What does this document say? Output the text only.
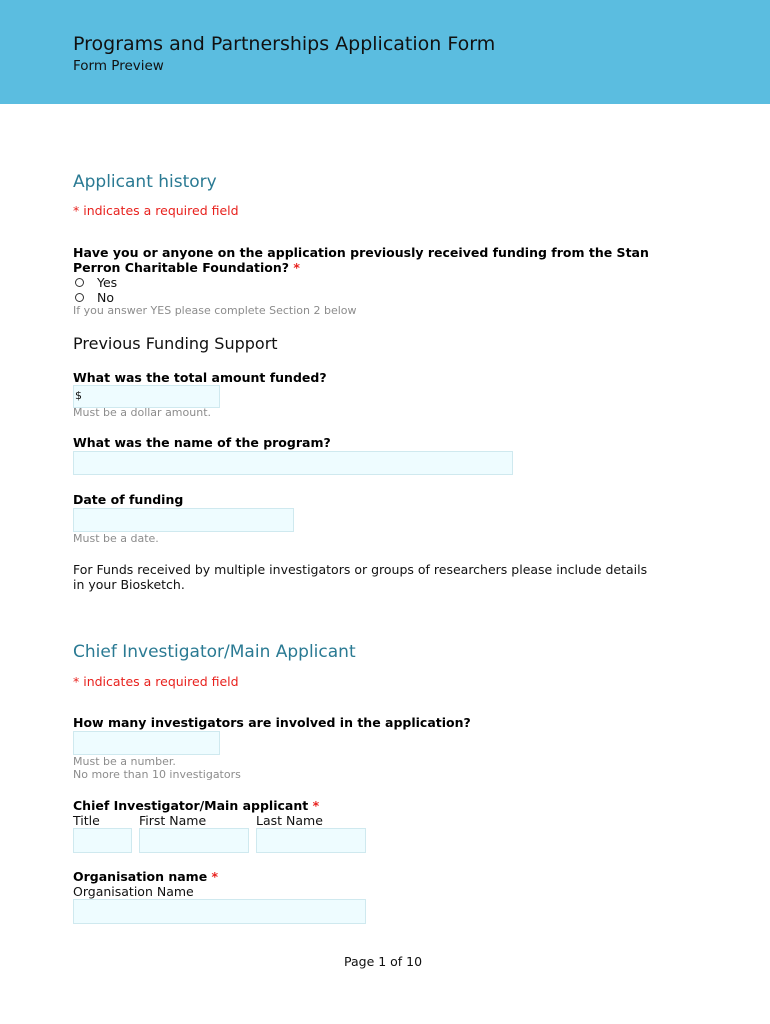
Programs and Partnerships Application Form
Form Preview
Applicant history
* indicates a required field
Have you or anyone on the application previously received funding from the Stan
Perron Charitable Foundation? *
Yes
No
If you answer YES please complete Section 2 below
Previous Funding Support
What was the total amount funded?
$
Must be a dollar amount.
What was the name of the program?
Date of funding
Must be a date.
For Funds received by multiple investigators or groups of researchers please include details
in your Biosketch.
Chief Investigator/Main Applicant
* indicates a required field
How many investigators are involved in the application?
Must be a number.
No more than 10 investigators
Chief Investigator/Main applicant *
Title	First Name	Last Name
Organisation name *
Organisation Name
Page 1 of 10
